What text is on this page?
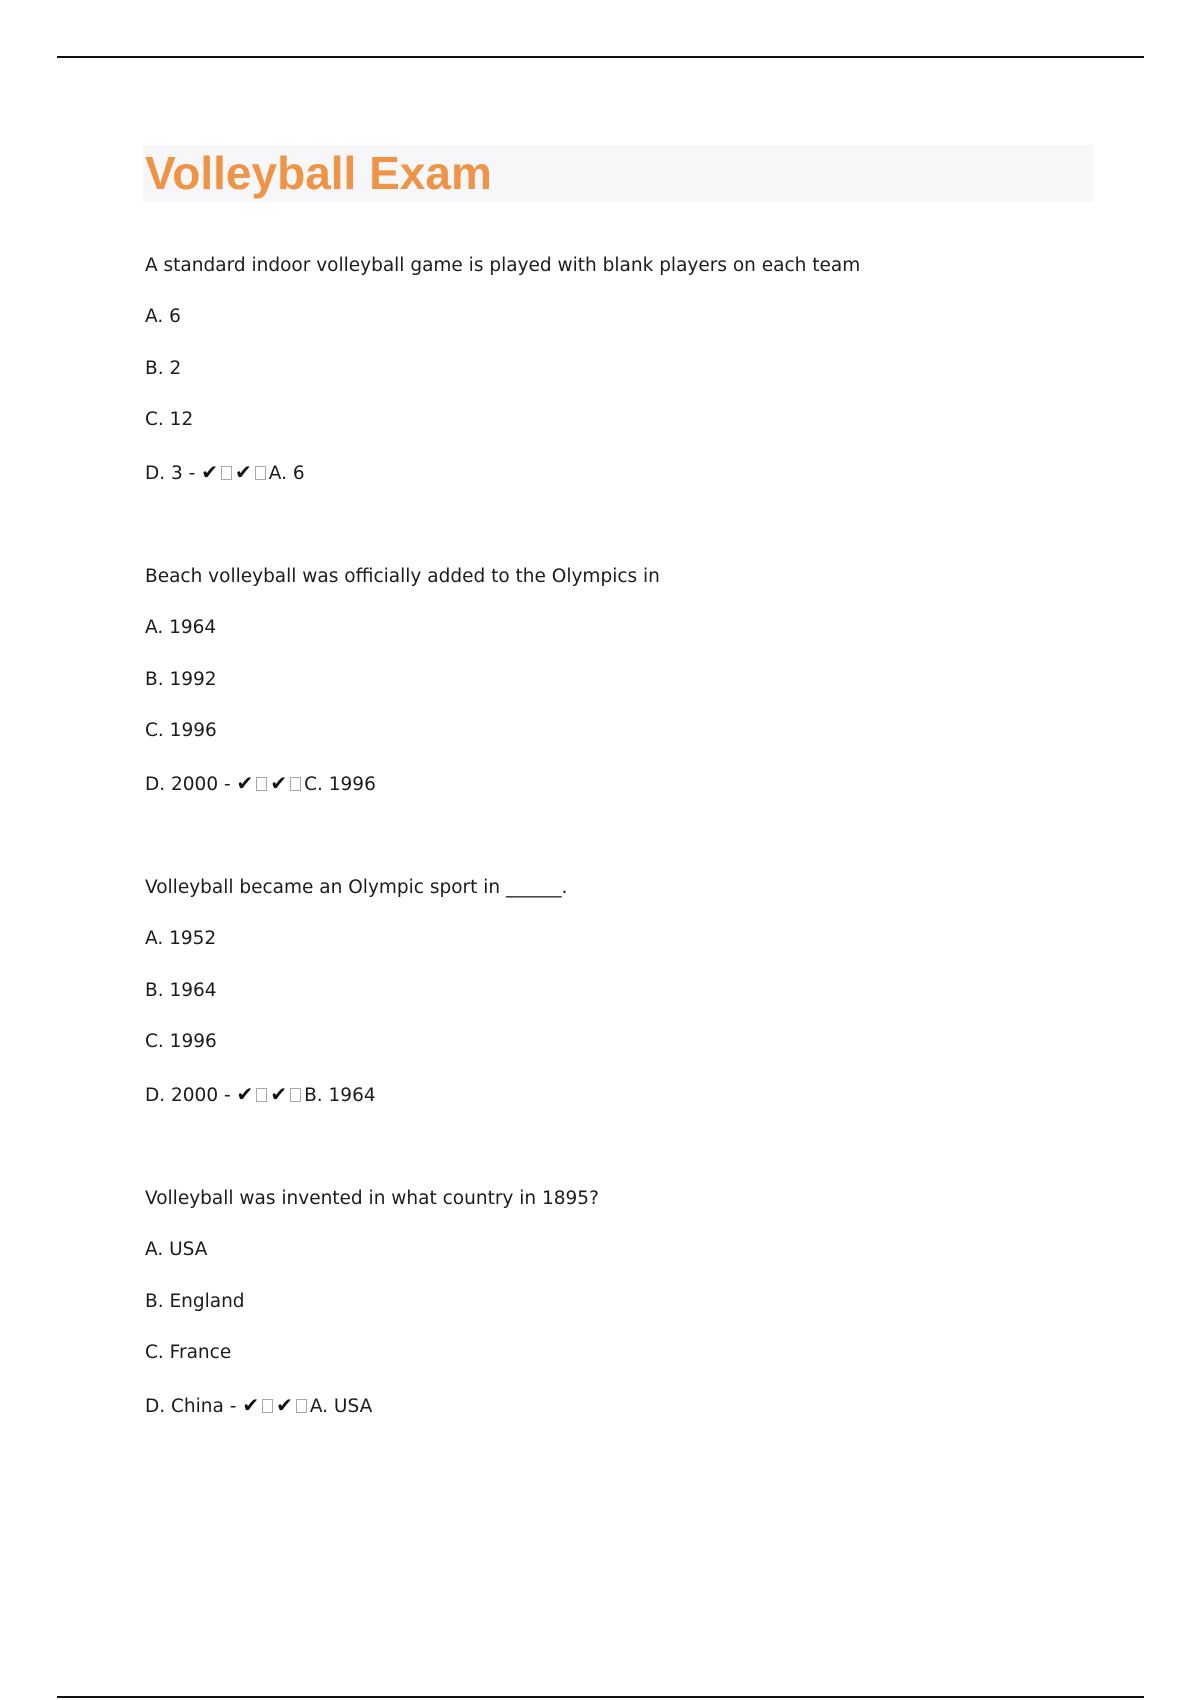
Volleyball Exam
A standard indoor volleyball game is played with blank players on each team
A. 6
B. 2
C. 12
D. 3 - ✔ ✔ A. 6
Beach volleyball was officially added to the Olympics in
A. 1964
B. 1992
C. 1996
D. 2000 - ✔ ✔ C. 1996
Volleyball became an Olympic sport in ______.
A. 1952
B. 1964
C. 1996
D. 2000 - ✔ ✔ B. 1964
Volleyball was invented in what country in 1895?
A. USA
B. England
C. France
D. China - ✔ ✔ A. USA
